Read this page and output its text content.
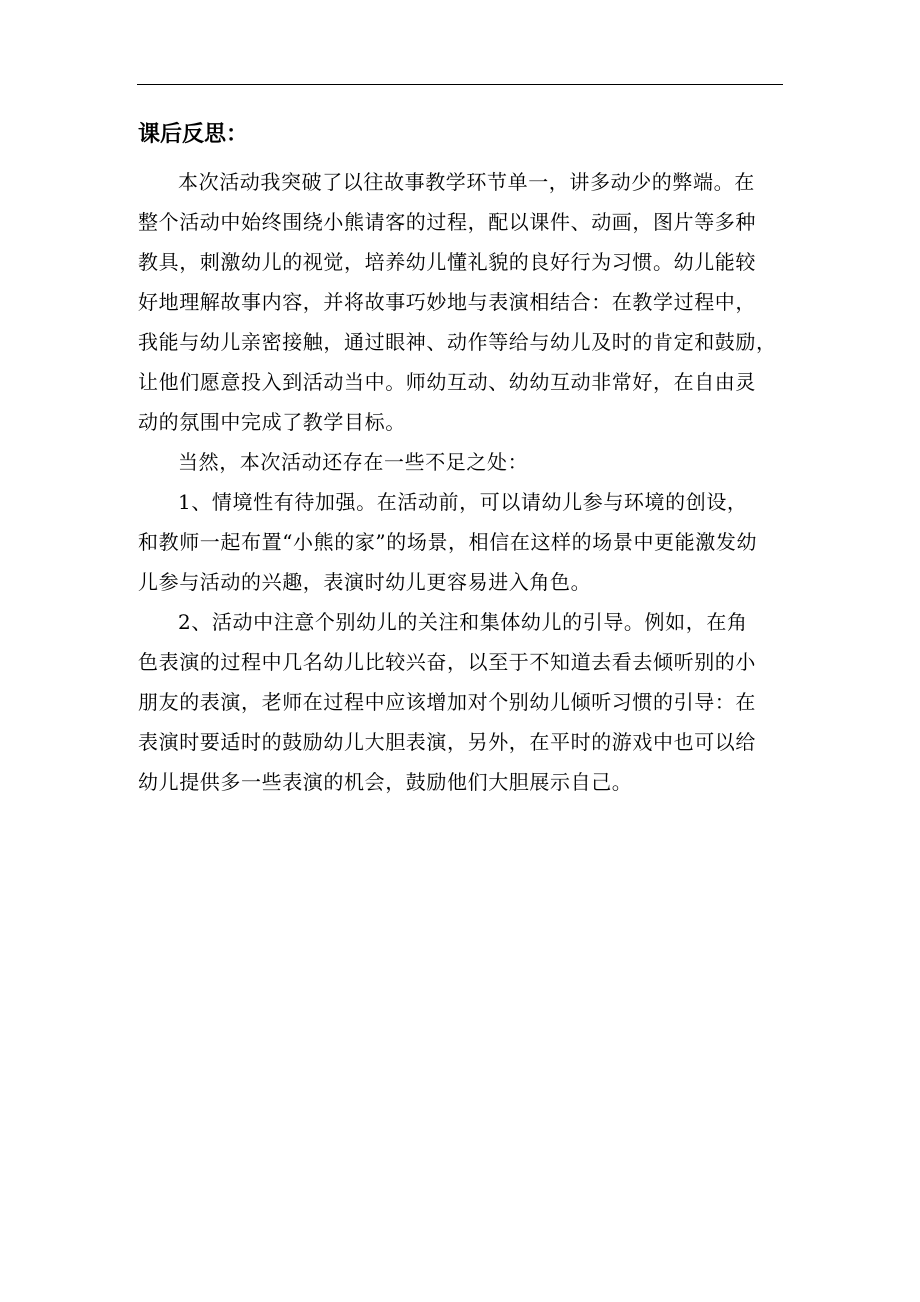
课后反思：
本次活动我突破了以往故事教学环节单一，讲多动少的弊端。在
整个活动中始终围绕小熊请客的过程，配以课件、动画，图片等多种
教具，刺激幼儿的视觉，培养幼儿懂礼貌的良好行为习惯。幼儿能较
好地理解故事内容，并将故事巧妙地与表演相结合：在教学过程中，
我能与幼儿亲密接触，通过眼神、动作等给与幼儿及时的肯定和鼓励，
让他们愿意投入到活动当中。师幼互动、幼幼互动非常好，在自由灵
动的氛围中完成了教学目标。
当然，本次活动还存在一些不足之处：
1、情境性有待加强。在活动前，可以请幼儿参与环境的创设，
和教师一起布置“小熊的家”的场景，相信在这样的场景中更能激发幼
儿参与活动的兴趣，表演时幼儿更容易进入角色。
2、活动中注意个别幼儿的关注和集体幼儿的引导。例如，在角
色表演的过程中几名幼儿比较兴奋，以至于不知道去看去倾听别的小
朋友的表演，老师在过程中应该增加对个别幼儿倾听习惯的引导：在
表演时要适时的鼓励幼儿大胆表演，另外，在平时的游戏中也可以给
幼儿提供多一些表演的机会，鼓励他们大胆展示自己。
